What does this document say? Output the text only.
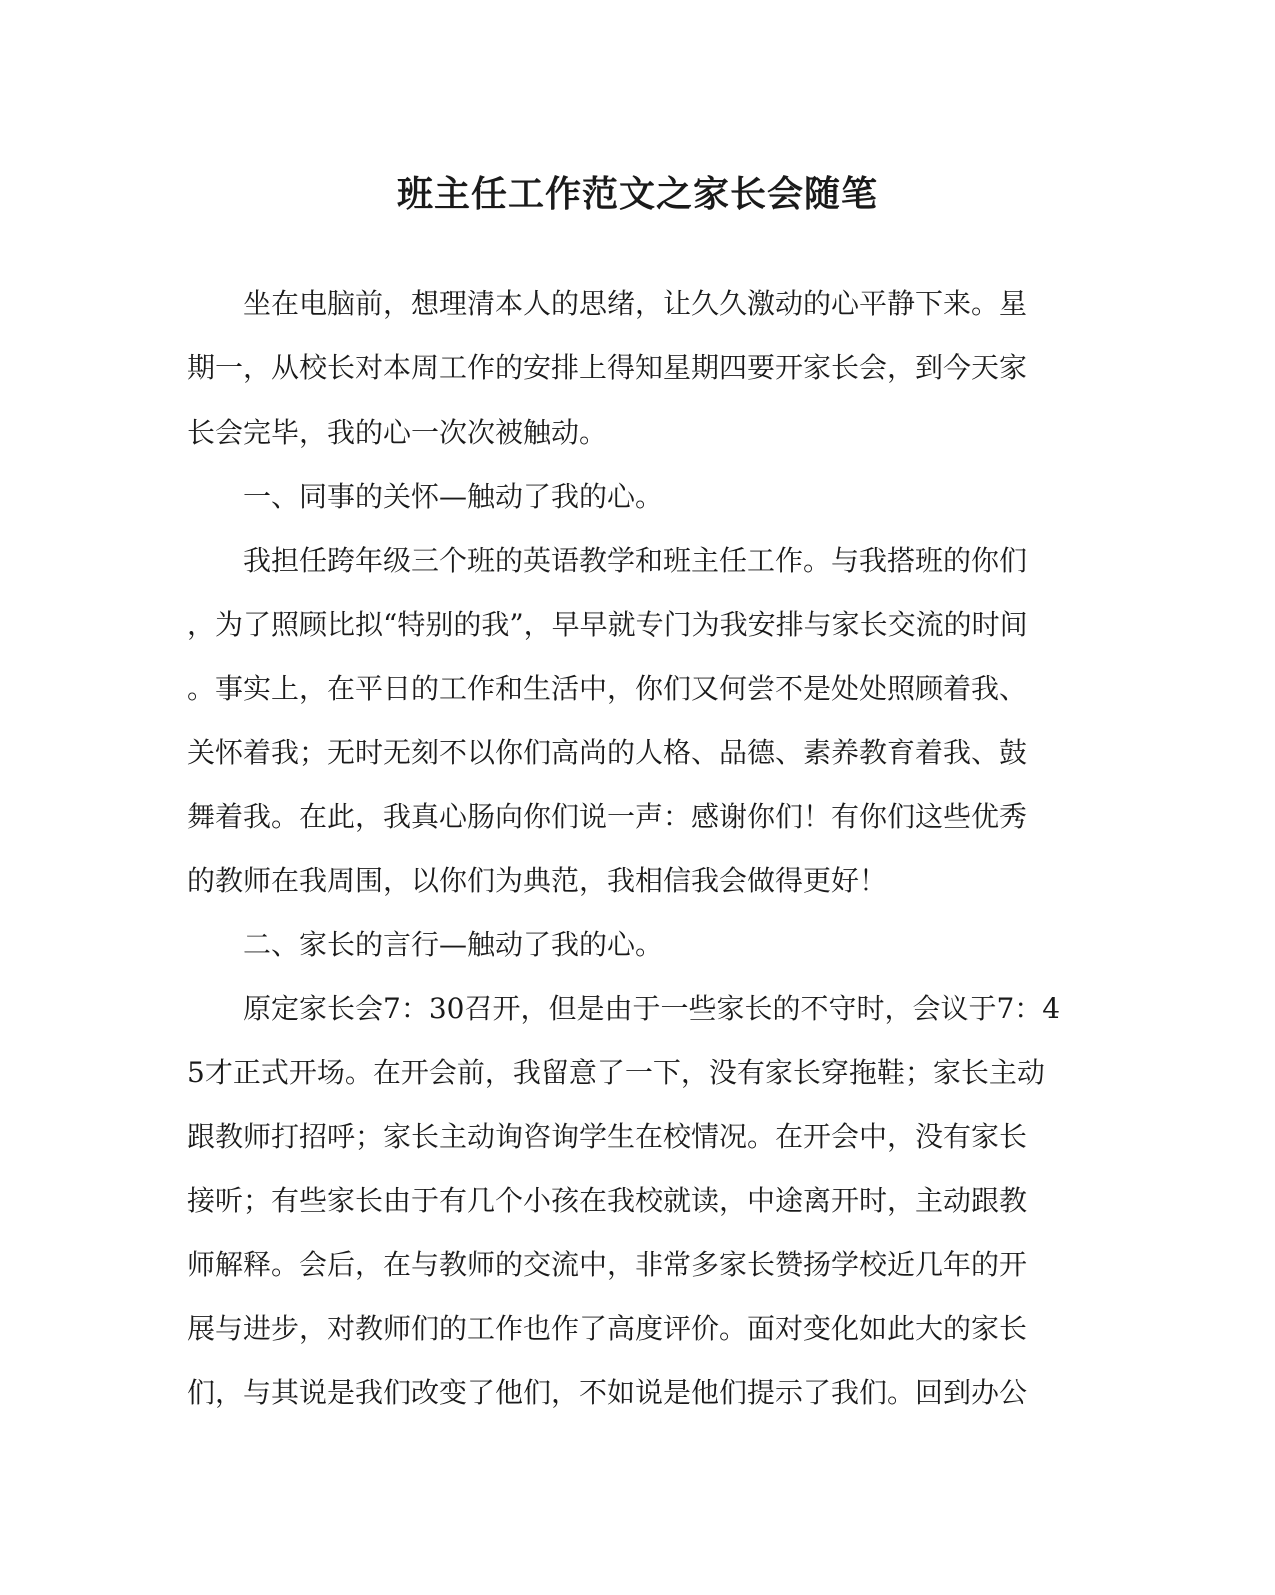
班主任工作范文之家长会随笔
　　坐在电脑前，想理清本人的思绪，让久久激动的心平静下来。星
期一，从校长对本周工作的安排上得知星期四要开家长会，到今天家
长会完毕，我的心一次次被触动。
　　一、同事的关怀—触动了我的心。
　　我担任跨年级三个班的英语教学和班主任工作。与我搭班的你们
，为了照顾比拟“特别的我”，早早就专门为我安排与家长交流的时间
。事实上，在平日的工作和生活中，你们又何尝不是处处照顾着我、
关怀着我；无时无刻不以你们高尚的人格、品德、素养教育着我、鼓
舞着我。在此，我真心肠向你们说一声：感谢你们！有你们这些优秀
的教师在我周围，以你们为典范，我相信我会做得更好！
　　二、家长的言行—触动了我的心。
　　原定家长会7：30召开，但是由于一些家长的不守时，会议于7：4
5才正式开场。在开会前，我留意了一下，没有家长穿拖鞋；家长主动
跟教师打招呼；家长主动询咨询学生在校情况。在开会中，没有家长
接听；有些家长由于有几个小孩在我校就读，中途离开时，主动跟教
师解释。会后，在与教师的交流中，非常多家长赞扬学校近几年的开
展与进步，对教师们的工作也作了高度评价。面对变化如此大的家长
们，与其说是我们改变了他们，不如说是他们提示了我们。回到办公
